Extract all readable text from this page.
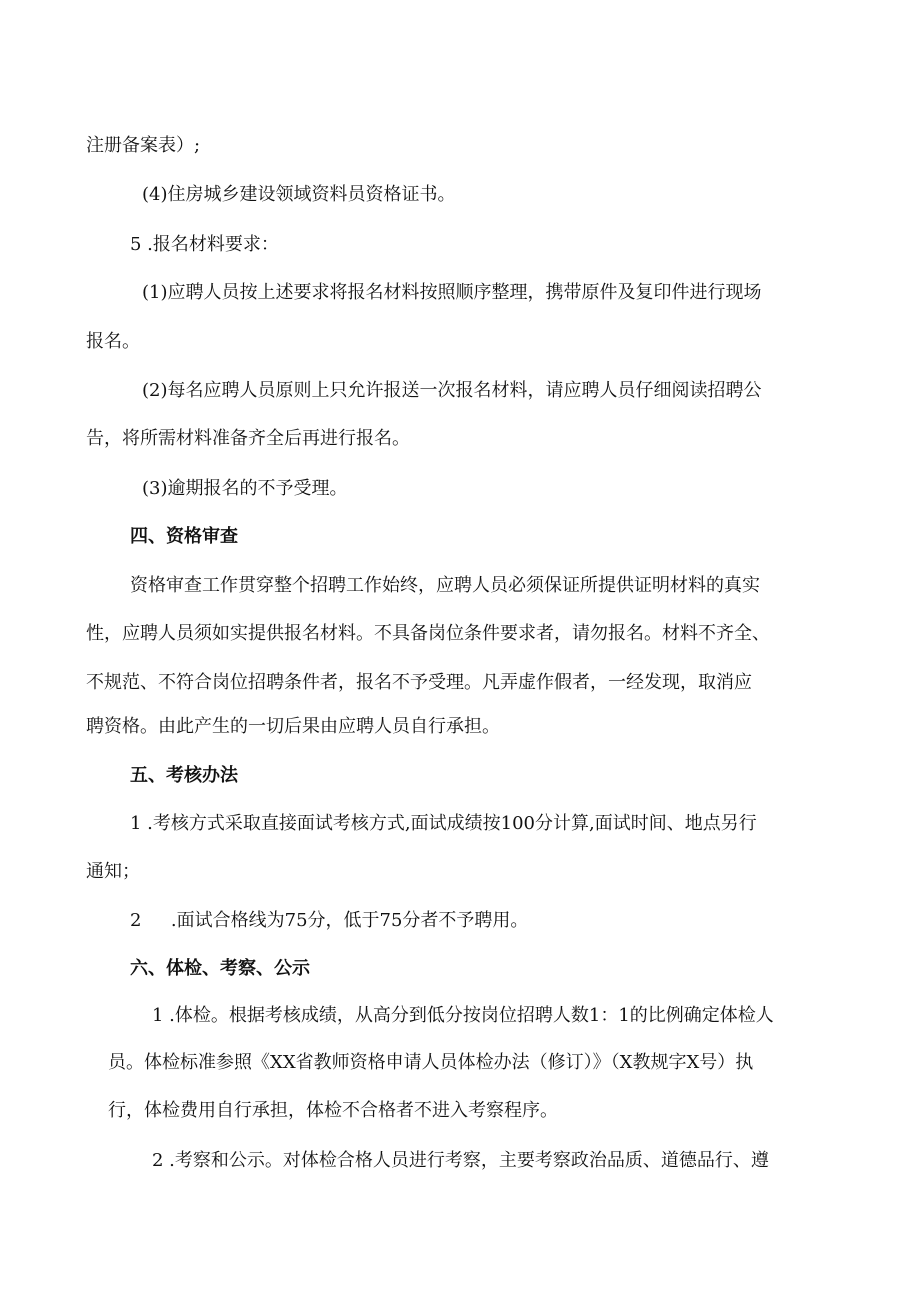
注册备案表）;
(4)住房城乡建设领域资料员资格证书。
5 .报名材料要求：
(1)应聘人员按上述要求将报名材料按照顺序整理，携带原件及复印件进行现场
报名。
(2)每名应聘人员原则上只允许报送一次报名材料，请应聘人员仔细阅读招聘公
告，将所需材料准备齐全后再进行报名。
(3)逾期报名的不予受理。
四、资格审查
资格审查工作贯穿整个招聘工作始终，应聘人员必须保证所提供证明材料的真实
性，应聘人员须如实提供报名材料。不具备岗位条件要求者，请勿报名。材料不齐全、
不规范、不符合岗位招聘条件者，报名不予受理。凡弄虚作假者，一经发现，取消应
聘资格。由此产生的一切后果由应聘人员自行承担。
五、考核办法
1 .考核方式采取直接面试考核方式,面试成绩按100分计算,面试时间、地点另行
通知；
2 　 .面试合格线为75分，低于75分者不予聘用。
六、体检、考察、公示
1 .体检。根据考核成绩，从高分到低分按岗位招聘人数1：1的比例确定体检人
员。体检标准参照《XX省教师资格申请人员体检办法（修订）》（X教规字X号）执
行，体检费用自行承担，体检不合格者不进入考察程序。
2 .考察和公示。对体检合格人员进行考察，主要考察政治品质、道德品行、遵
